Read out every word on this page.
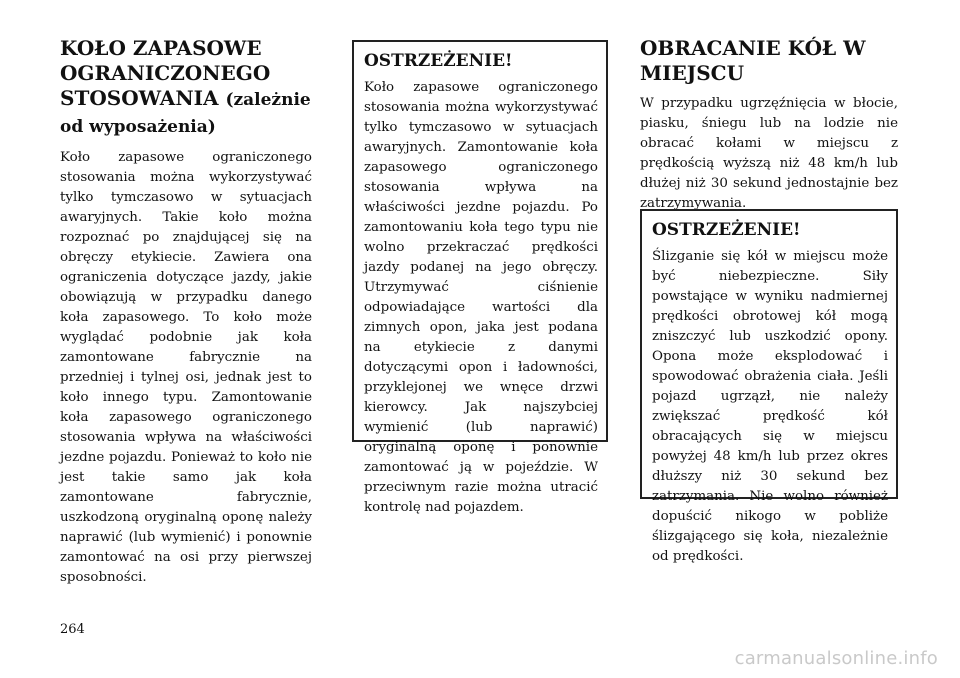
KOŁO ZAPASOWE OGRANICZONEGO STOSOWANIA (zależnie od wyposażenia)

Koło zapasowe ograniczonego stosowania można wykorzystywać tylko tymczasowo w sytuacjach awaryjnych. Takie koło można rozpoznać po znajdującej się na obręczy etykiecie. Zawiera ona ograniczenia dotyczące jazdy, jakie obowiązują w przypadku danego koła zapasowego. To koło może wyglądać podobnie jak koła zamontowane fabrycznie na przedniej i tylnej osi, jednak jest to koło innego typu. Zamontowanie koła zapasowego ograniczonego stosowania wpływa na właściwości jezdne pojazdu. Ponieważ to koło nie jest takie samo jak koła zamontowane fabrycznie, uszkodzoną oryginalną oponę należy naprawić (lub wymienić) i ponownie zamontować na osi przy pierwszej sposobności.

OSTRZEŻENIE!

Koło zapasowe ograniczonego stosowania można wykorzystywać tylko tymczasowo w sytuacjach awaryjnych. Zamontowanie koła zapasowego ograniczonego stosowania wpływa na właściwości jezdne pojazdu. Po zamontowaniu koła tego typu nie wolno przekraczać prędkości jazdy podanej na jego obręczy. Utrzymywać ciśnienie odpowiadające wartości dla zimnych opon, jaka jest podana na etykiecie z danymi dotyczącymi opon i ładowności, przyklejonej we wnęce drzwi kierowcy. Jak najszybciej wymienić (lub naprawić) oryginalną oponę i ponownie zamontować ją w pojeździe. W przeciwnym razie można utracić kontrolę nad pojazdem.

OBRACANIE KÓŁ W MIEJSCU

W przypadku ugrzęźnięcia w błocie, piasku, śniegu lub na lodzie nie obracać kołami w miejscu z prędkością wyższą niż 48 km/h lub dłużej niż 30 sekund jednostajnie bez zatrzymywania.

OSTRZEŻENIE!

Ślizganie się kół w miejscu może być niebezpieczne. Siły powstające w wyniku nadmiernej prędkości obrotowej kół mogą zniszczyć lub uszkodzić opony. Opona może eksplodować i spowodować obrażenia ciała. Jeśli pojazd ugrzązł, nie należy zwiększać prędkość kół obracających się w miejscu powyżej 48 km/h lub przez okres dłuższy niż 30 sekund bez zatrzymania. Nie wolno również dopuścić nikogo w pobliże ślizgającego się koła, niezależnie od prędkości.

264
carmanualsonline.info
